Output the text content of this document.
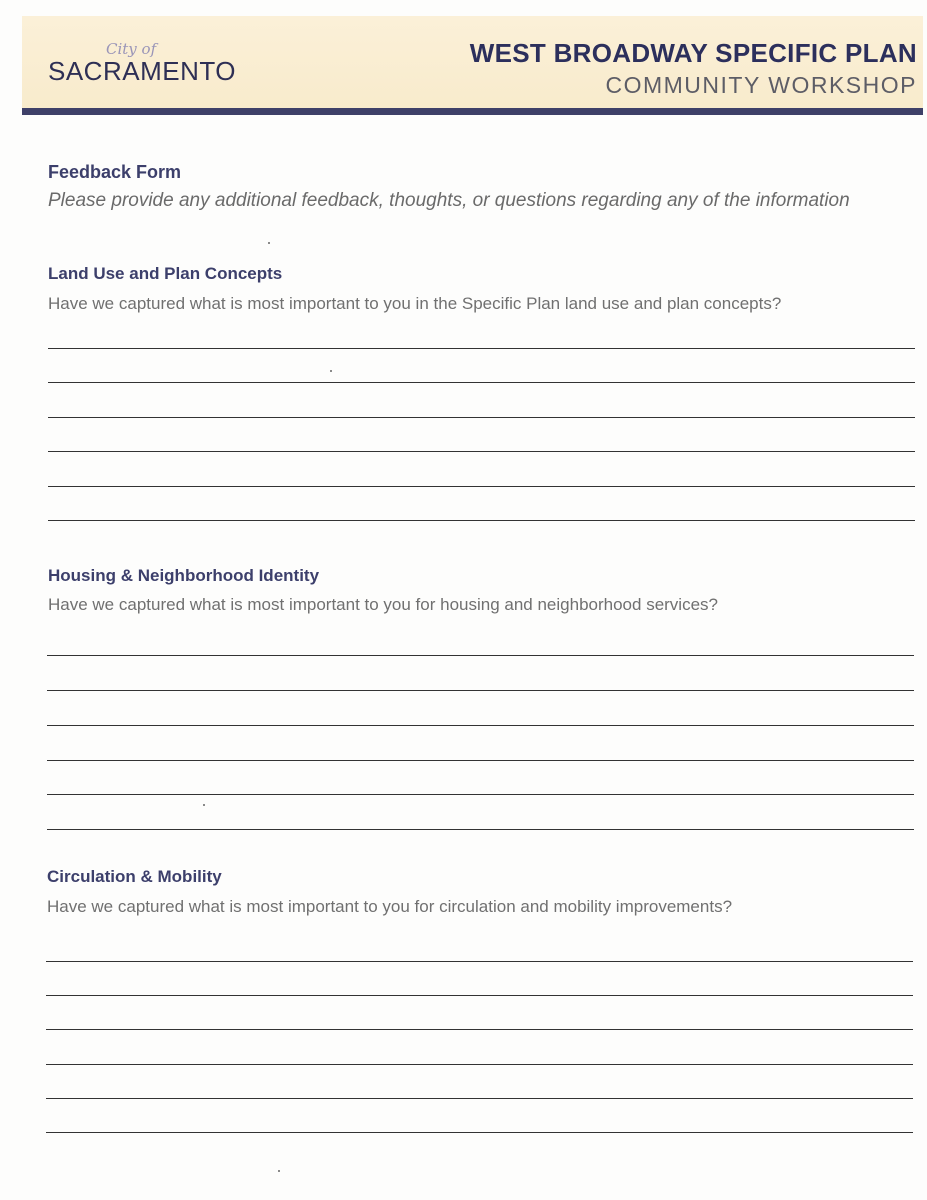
City of
SACRAMENTO
WEST BROADWAY SPECIFIC PLAN
COMMUNITY WORKSHOP
Feedback Form
Please provide any additional feedback, thoughts, or questions regarding any of the information
Land Use and Plan Concepts
Have we captured what is most important to you in the Specific Plan land use and plan concepts?
Housing & Neighborhood Identity
Have we captured what is most important to you for housing and neighborhood services?
Circulation & Mobility
Have we captured what is most important to you for circulation and mobility improvements?
